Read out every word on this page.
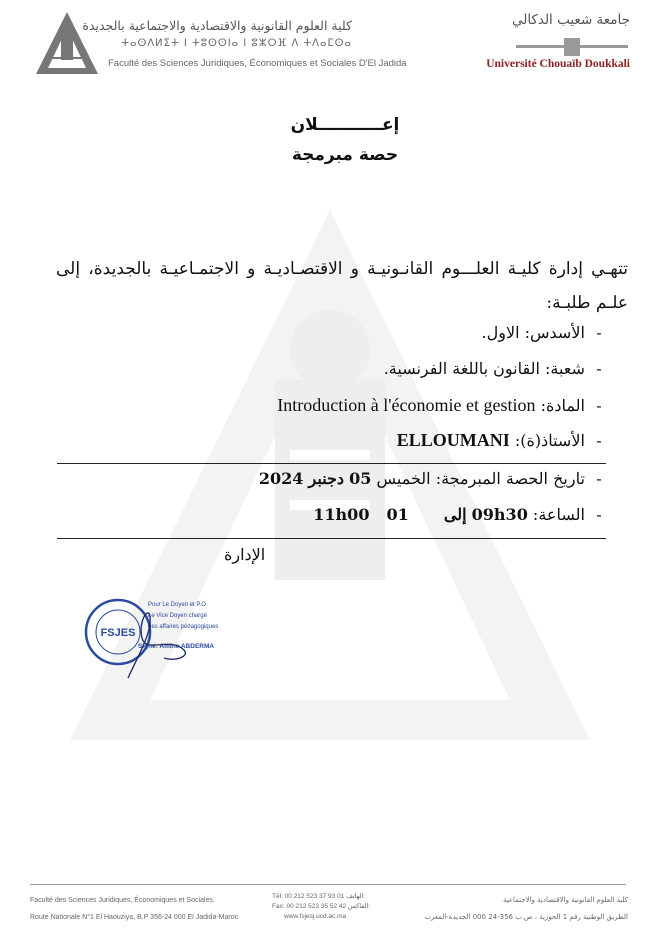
كلية العلوم القانونية والاقتصادية والاجتماعية بالجديدة
ⵜⴰⵙⴷⵍⵉⵜ ⵏ ⵜⵓⵙⵙⵏⴰ ⵏ ⵓⵣⵔⴼ ⴷ ⵜⴷⴰⵎⵙⴰ
Faculté des Sciences Juridiques, Économiques et Sociales D'El Jadida
جامعة شعيب الدكالي
Université Chouaïb Doukkali
إعـــــــــــلان
حصة مبرمجة
تتهـي إدارة كليـة العلـــوم القانـونيـة و الاقتصـاديـة و الاجتمـاعيـة بالجديدة، إلى علـم طلبـة:
- الأسدس: الاول.
- شعبة: القانون باللغة الفرنسية.
- المادة: Introduction à l'économie et gestion
- الأستاذ(ة): ELLOUMANI
- تاريخ الحصة المبرمجة: الخميس 05 دجنبر 2024
- الساعة: 09h30 إلى 11h00 01
الإدارة
FSJES
Pour Le Doyen et P.O
Le Vice Doyen chargé
des affaires pédagogiques
Signé: Amine ABDERMA
Faculté des Sciences Juridiques, Économiques et Sociales.
Route Nationale N°1 El Haouziya, B.P 356-24 000 El Jadida-Maroc
Tél: 00 212 523 37 93 01 الهاتف:
Fax: 00 212 523 35 52 42 الفاكس:
www.fsjesj.ucd.ac.ma
كلية العلوم القانونية والاقتصادية والاجتماعية
الطريق الوطنية رقم 1 الحوزية ، ص.ب 356-24 000 الجديدة-المغرب
